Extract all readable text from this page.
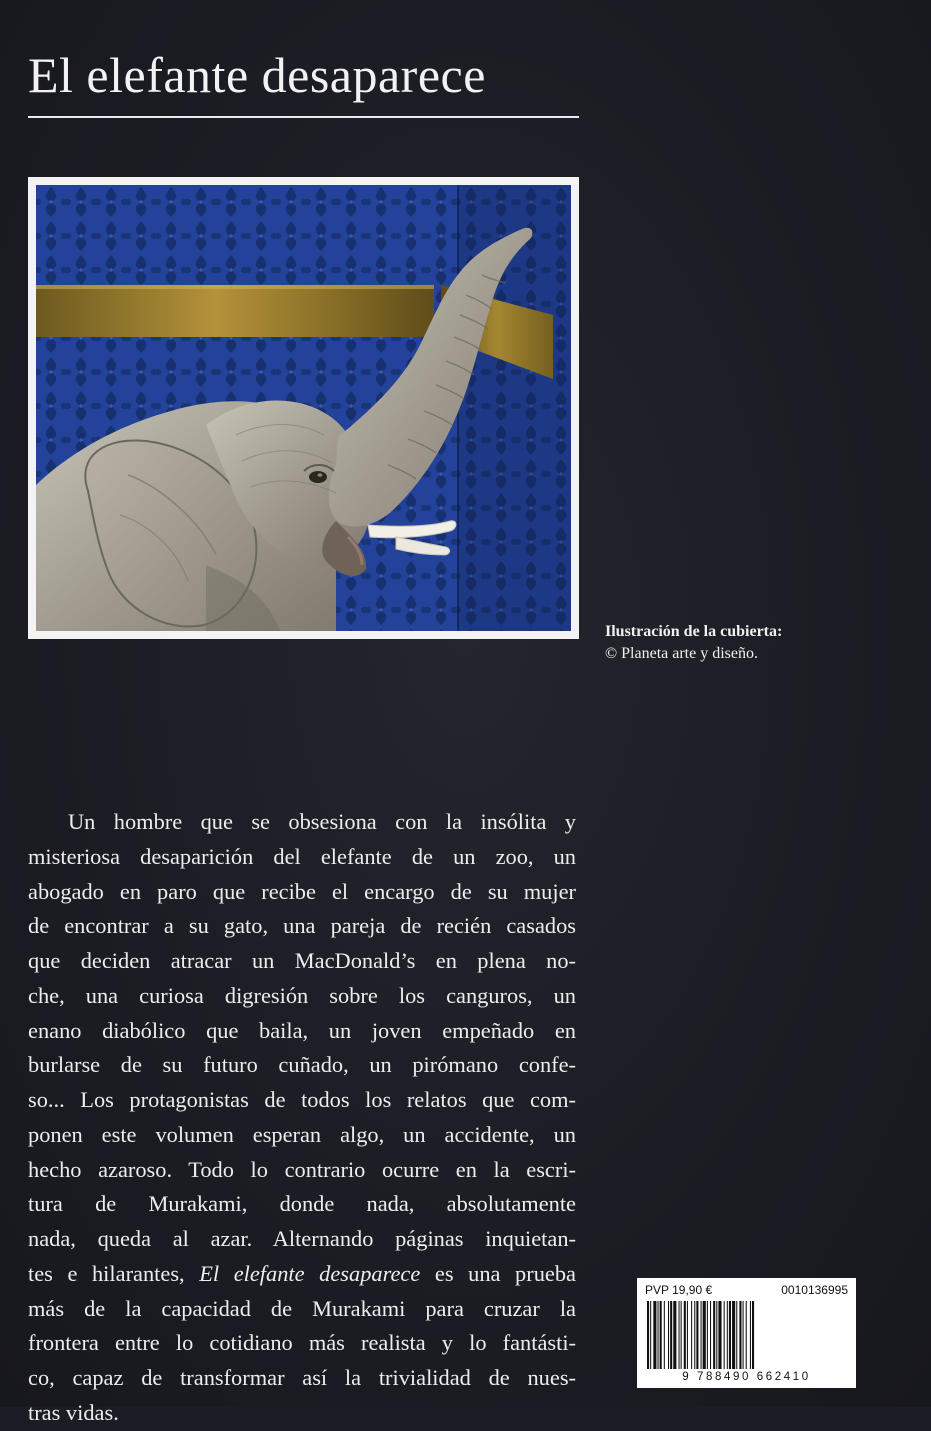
El elefante desaparece
Ilustración de la cubierta:
© Planeta arte y diseño.
Un hombre que se obsesiona con la insólita y
misteriosa desaparición del elefante de un zoo, un
abogado en paro que recibe el encargo de su mujer
de encontrar a su gato, una pareja de recién casados
que deciden atracar un MacDonald’s en plena no-
che, una curiosa digresión sobre los canguros, un
enano diabólico que baila, un joven empeñado en
burlarse de su futuro cuñado, un pirómano confe-
so... Los protagonistas de todos los relatos que com-
ponen este volumen esperan algo, un accidente, un
hecho azaroso. Todo lo contrario ocurre en la escri-
tura de Murakami, donde nada, absolutamente
nada, queda al azar. Alternando páginas inquietan-
tes e hilarantes, El elefante desaparece es una prueba
más de la capacidad de Murakami para cruzar la
frontera entre lo cotidiano más realista y lo fantásti-
co, capaz de transformar así la trivialidad de nues-
tras vidas.
PVP 19,90 €	0010136995
9 788490 662410
